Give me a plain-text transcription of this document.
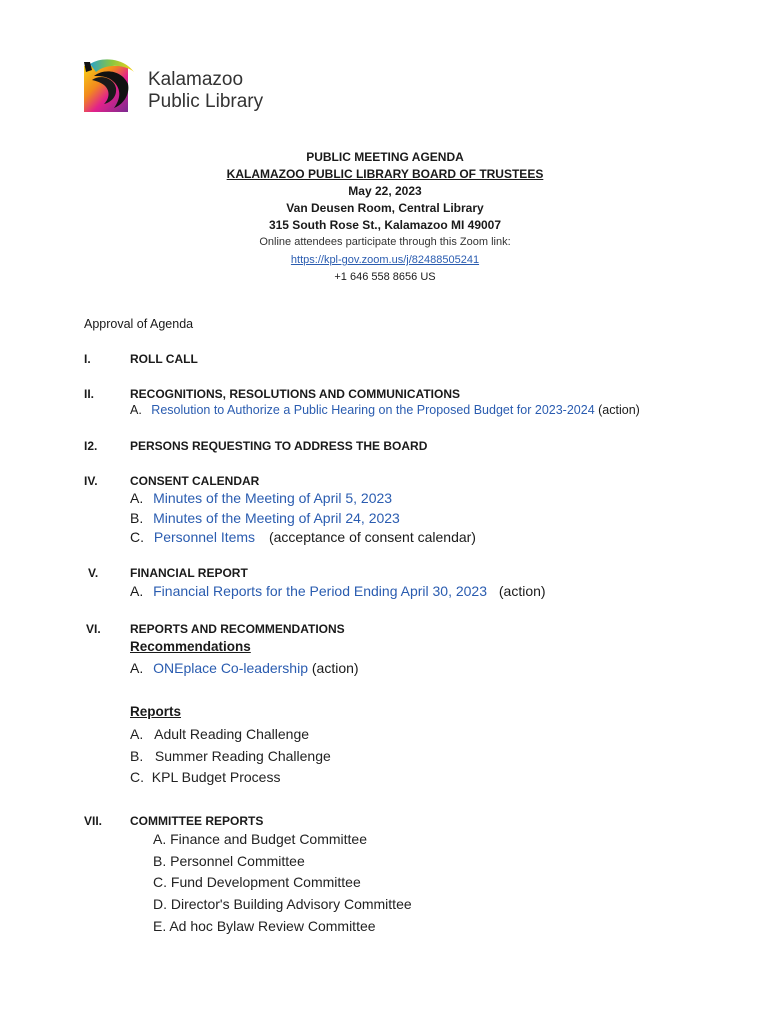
Kalamazoo
Public Library
PUBLIC MEETING AGENDA
KALAMAZOO PUBLIC LIBRARY BOARD OF TRUSTEES
May 22, 2023
Van Deusen Room, Central Library
315 South Rose St., Kalamazoo MI 49007
Online attendees participate through this Zoom link:
https://kpl-gov.zoom.us/j/82488505241
+1 646 558 8656 US
Approval of Agenda
I.	ROLL CALL
II.	RECOGNITIONS, RESOLUTIONS AND COMMUNICATIONS
A. Resolution to Authorize a Public Hearing on the Proposed Budget for 2023-2024 (action)
I2.	PERSONS REQUESTING TO ADDRESS THE BOARD
IV.	CONSENT CALENDAR
A. Minutes of the Meeting of April 5, 2023
B. Minutes of the Meeting of April 24, 2023
C. Personnel Items (acceptance of consent calendar)
V.	FINANCIAL REPORT
A. Financial Reports for the Period Ending April 30, 2023 (action)
VI. REPORTS AND RECOMMENDATIONS
Recommendations
A. ONEplace Co-leadership (action)
Reports
A.   Adult Reading Challenge
B.   Summer Reading Challenge
C.  KPL Budget Process
VII. COMMITTEE REPORTS
A. Finance and Budget Committee
B. Personnel Committee
C. Fund Development Committee
D. Director's Building Advisory Committee
E. Ad hoc Bylaw Review Committee
